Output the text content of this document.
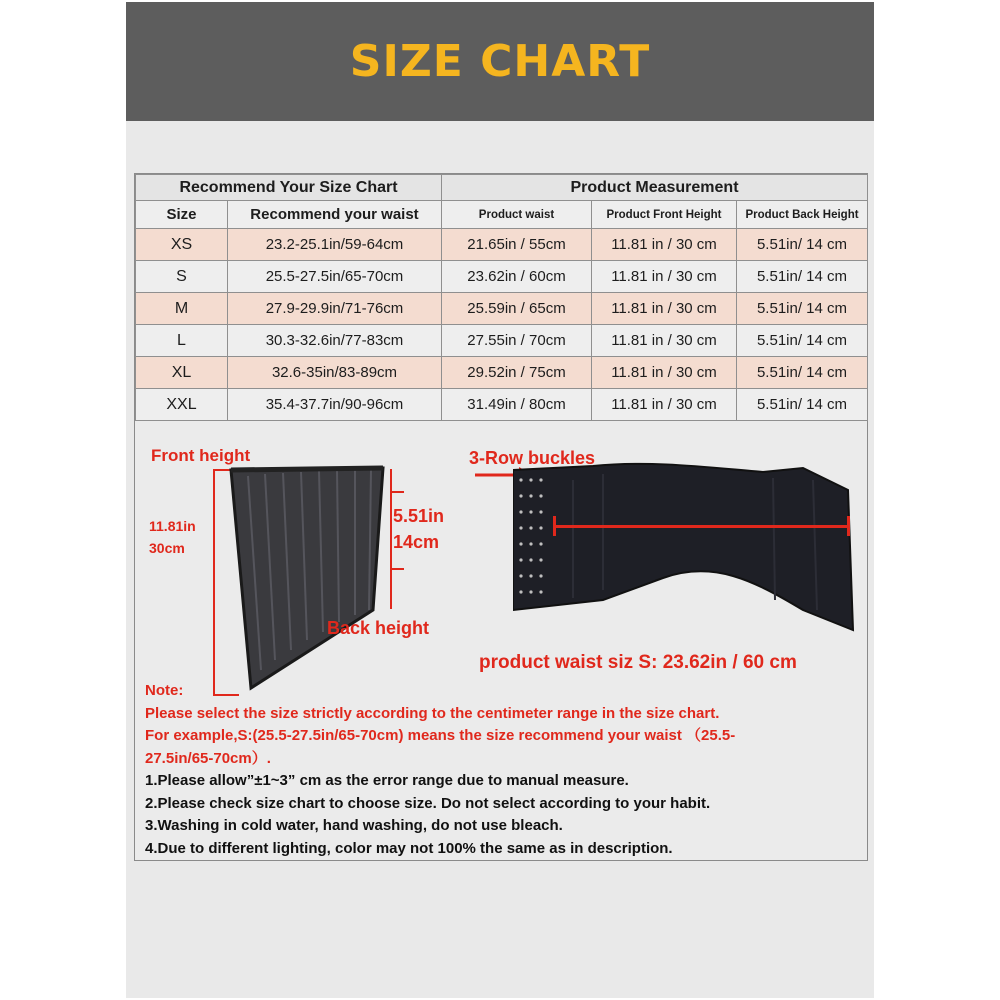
SIZE CHART
Recommend Your Size Chart		Product Measurement		
Size	Recommend your waist	Product waist	Product Front Height	Product Back Height
XS	23.2-25.1in/59-64cm	21.65in / 55cm	11.81 in / 30 cm	5.51in/ 14 cm
S	25.5-27.5in/65-70cm	23.62in / 60cm	11.81 in / 30 cm	5.51in/ 14 cm
M	27.9-29.9in/71-76cm	25.59in / 65cm	11.81 in / 30 cm	5.51in/ 14 cm
L	30.3-32.6in/77-83cm	27.55in / 70cm	11.81 in / 30 cm	5.51in/ 14 cm
XL	32.6-35in/83-89cm	29.52in / 75cm	11.81 in / 30 cm	5.51in/ 14 cm
XXL	35.4-37.7in/90-96cm	31.49in / 80cm	11.81 in / 30 cm	5.51in/ 14 cm
Front height
11.81in
30cm
5.51in
14cm
Back height
3-Row buckles
product waist siz S: 23.62in / 60 cm
Note:
Please select the size strictly according to the centimeter range in the size chart.
For example,S:(25.5-27.5in/65-70cm) means the size recommend your waist （25.5-
27.5in/65-70cm）.
1.Please allow”±1~3” cm as the error range due to manual measure.
2.Please check size chart to choose size. Do not select according to your habit.
3.Washing in cold water, hand washing, do not use bleach.
4.Due to different lighting, color may not 100% the same as in description.
